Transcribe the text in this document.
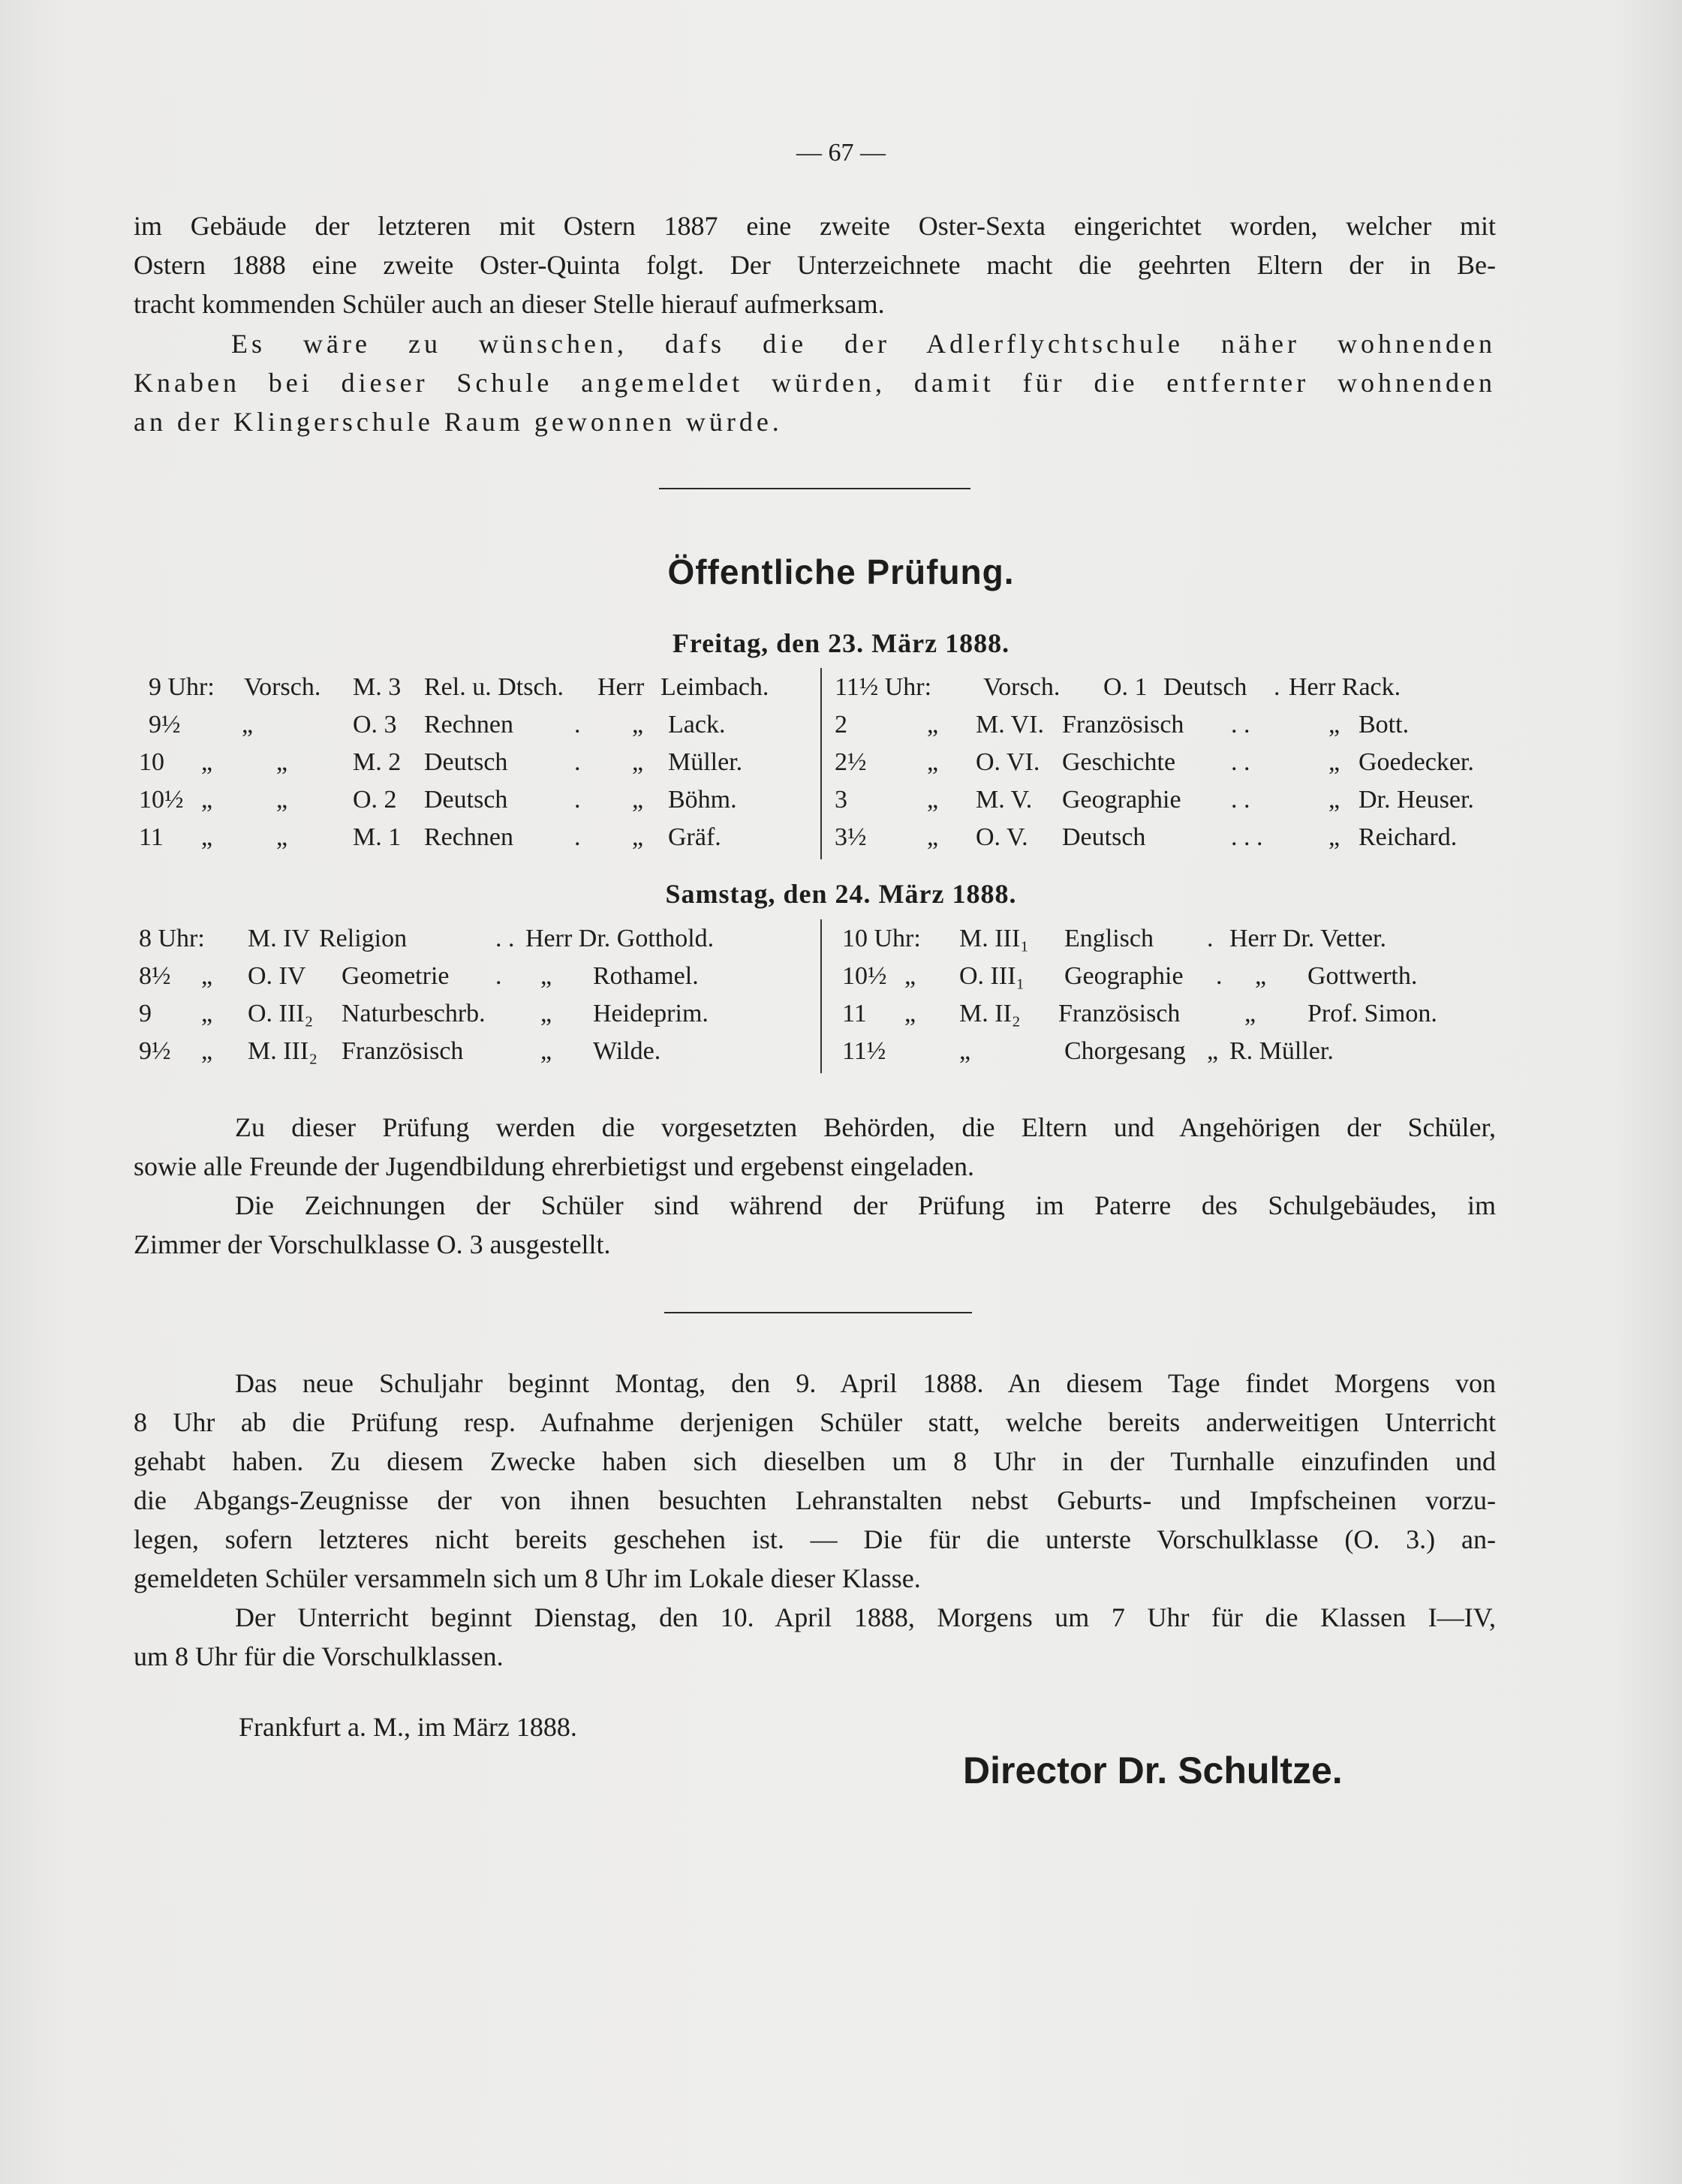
— 67 —
im Gebäude der letzteren mit Ostern 1887 eine zweite Oster-Sexta eingerichtet worden, welcher mit
Ostern 1888 eine zweite Oster-Quinta folgt. Der Unterzeichnete macht die geehrten Eltern der in Be-
tracht kommenden Schüler auch an dieser Stelle hierauf aufmerksam.
Es wäre zu wünschen, dafs die der Adlerflychtschule näher wohnenden
Knaben bei dieser Schule angemeldet würden, damit für die entfernter wohnenden
an der Klingerschule Raum gewonnen würde.
Öffentliche Prüfung.
Freitag, den 23. März 1888.
9 Uhr: Vorsch. M. 3 Rel. u. Dtsch. Herr Leimbach.
9½ „	O. 3 Rechnen . „ Lack.
10 „ „	M. 2 Deutsch	. „ Müller.
10½ „ „	O. 2 Deutsch	. „ Böhm.
11 „ „	M. 1 Rechnen . „ Gräf.
11½ Uhr: Vorsch. O. 1 Deutsch . Herr Rack.
2	„ M. VI. Französisch . .	„ Bott.
2½ „ O. VI. Geschichte . .	„ Goedecker.
3	„ M. V. Geographie . .	„ Dr. Heuser.
3½ „ O. V. Deutsch	. . .	„ Reichard.
Samstag, den 24. März 1888.
8 Uhr: M. IV Religion	. . Herr Dr. Gotthold.
8½ „ O. IV Geometrie . „ Rothamel.
9 „ O. III₂ Naturbeschrb. „ Heideprim.
9½ „ M. III₂ Französisch	„ Wilde.
10 Uhr: M. III₁ Englisch . Herr Dr. Vetter.
10½ „ O. III₁ Geographie . „ Gottwerth.
11 „ M. II₂ Französisch	„ Prof. Simon.
11½	„	Chorgesang „ R. Müller.
Zu dieser Prüfung werden die vorgesetzten Behörden, die Eltern und Angehörigen der Schüler,
sowie alle Freunde der Jugendbildung ehrerbietigst und ergebenst eingeladen.
Die Zeichnungen der Schüler sind während der Prüfung im Paterre des Schulgebäudes, im
Zimmer der Vorschulklasse O. 3 ausgestellt.
Das neue Schuljahr beginnt Montag, den 9. April 1888. An diesem Tage findet Morgens von
8 Uhr ab die Prüfung resp. Aufnahme derjenigen Schüler statt, welche bereits anderweitigen Unterricht
gehabt haben. Zu diesem Zwecke haben sich dieselben um 8 Uhr in der Turnhalle einzufinden und
die Abgangs-Zeugnisse der von ihnen besuchten Lehranstalten nebst Geburts- und Impfscheinen vorzu-
legen, sofern letzteres nicht bereits geschehen ist. — Die für die unterste Vorschulklasse (O. 3.) an-
gemeldeten Schüler versammeln sich um 8 Uhr im Lokale dieser Klasse.
Der Unterricht beginnt Dienstag, den 10. April 1888, Morgens um 7 Uhr für die Klassen I—IV,
um 8 Uhr für die Vorschulklassen.
Frankfurt a. M., im März 1888.
Director Dr. Schultze.
